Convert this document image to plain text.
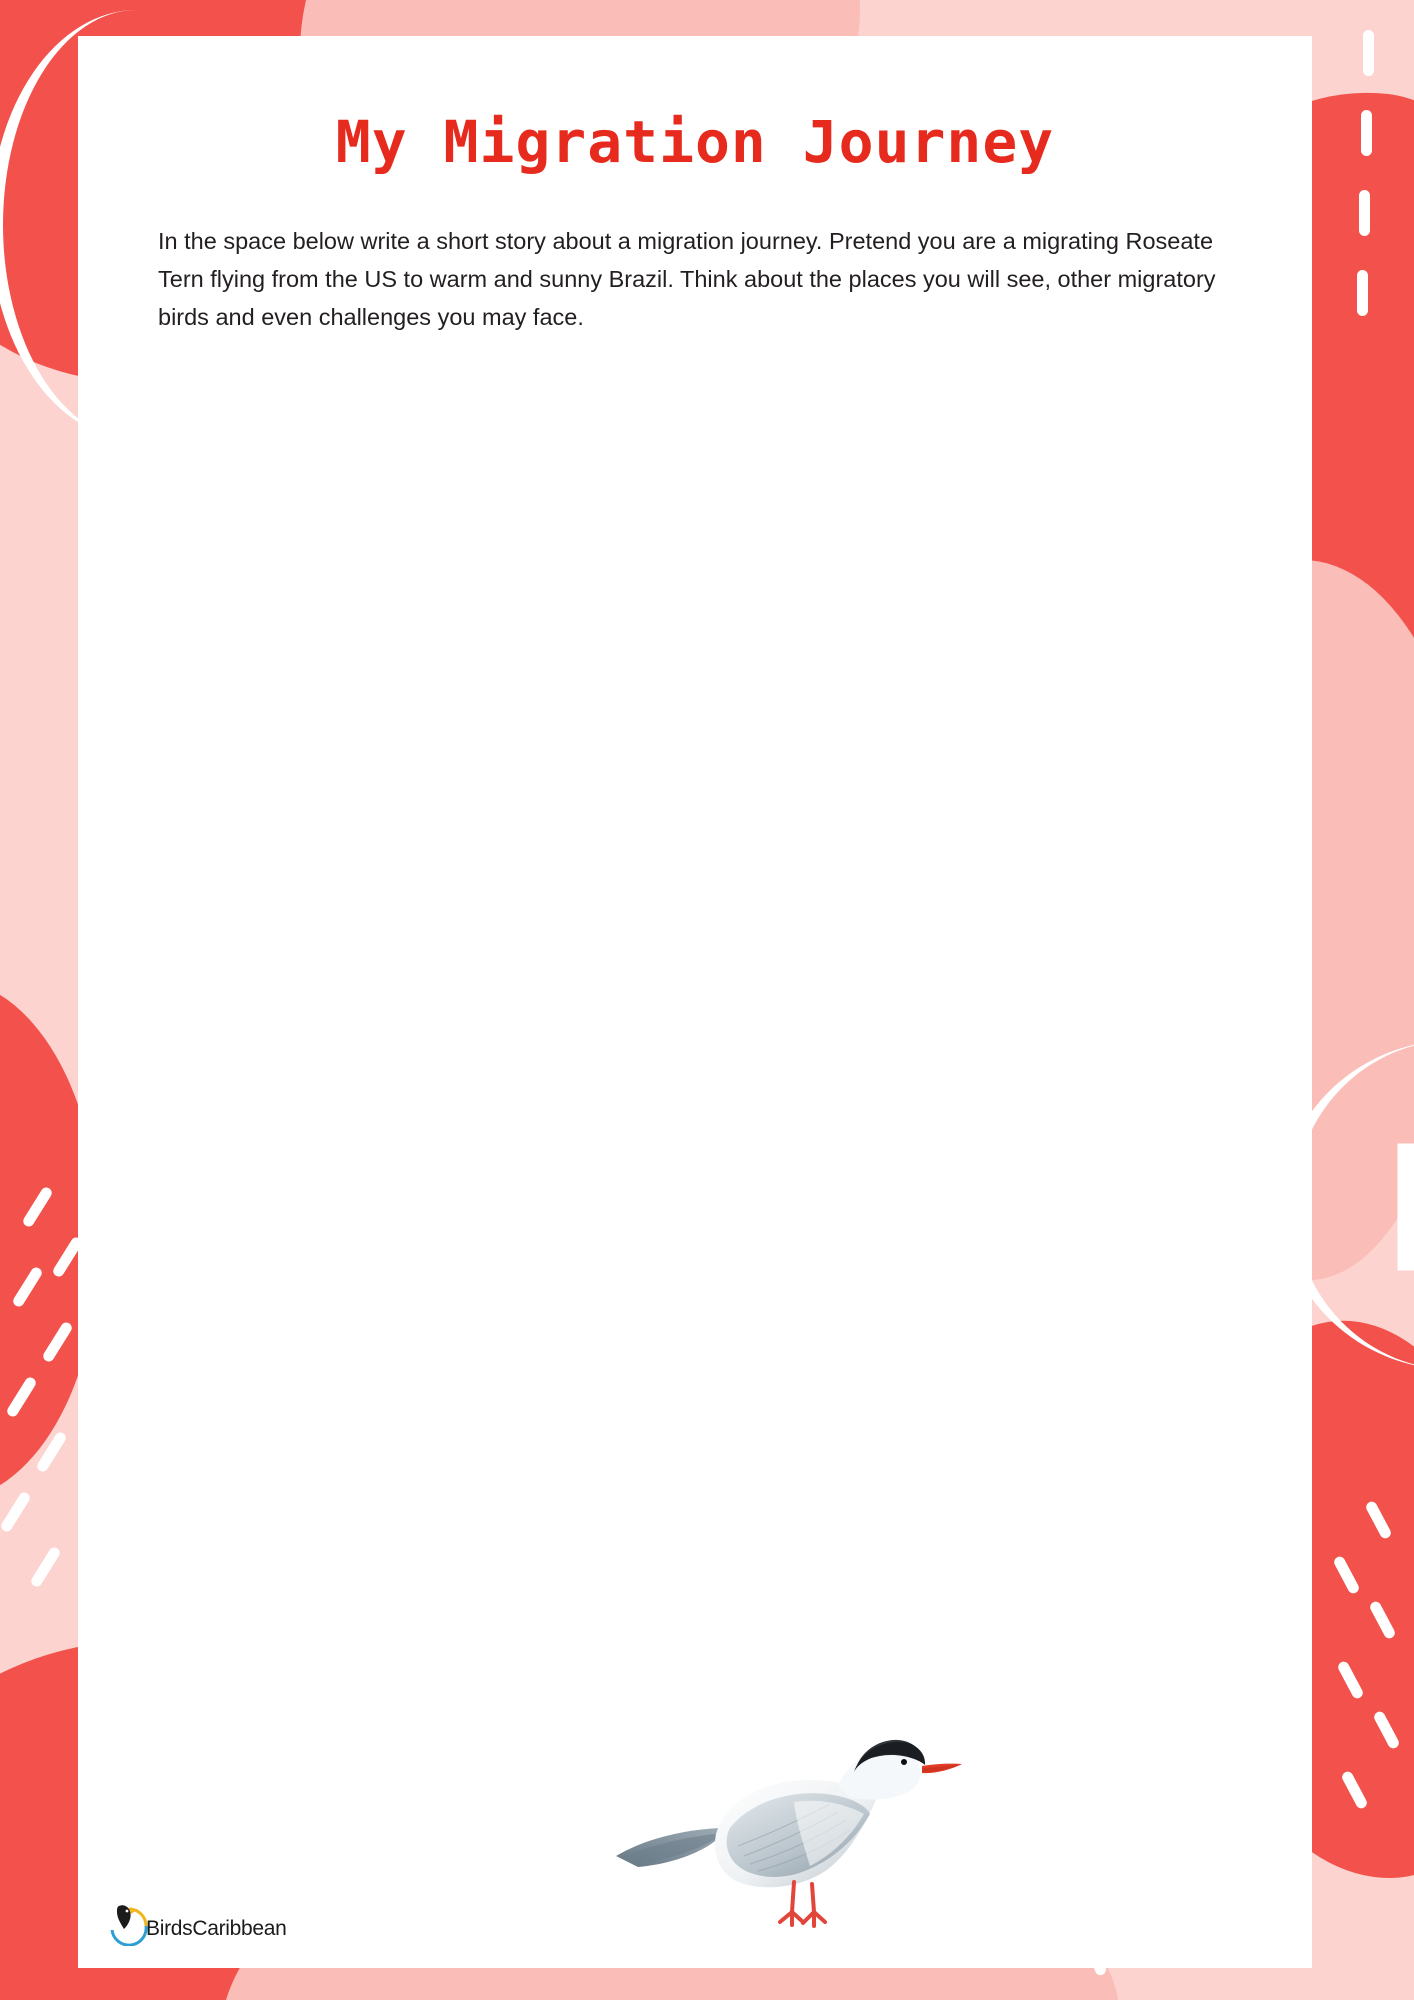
My Migration Journey

In the space below write a short story about a migration journey. Pretend you are a migrating Roseate Tern flying from the US to warm and sunny Brazil. Think about the places you will see, other migratory birds and even challenges you may face.

BirdsCaribbean
